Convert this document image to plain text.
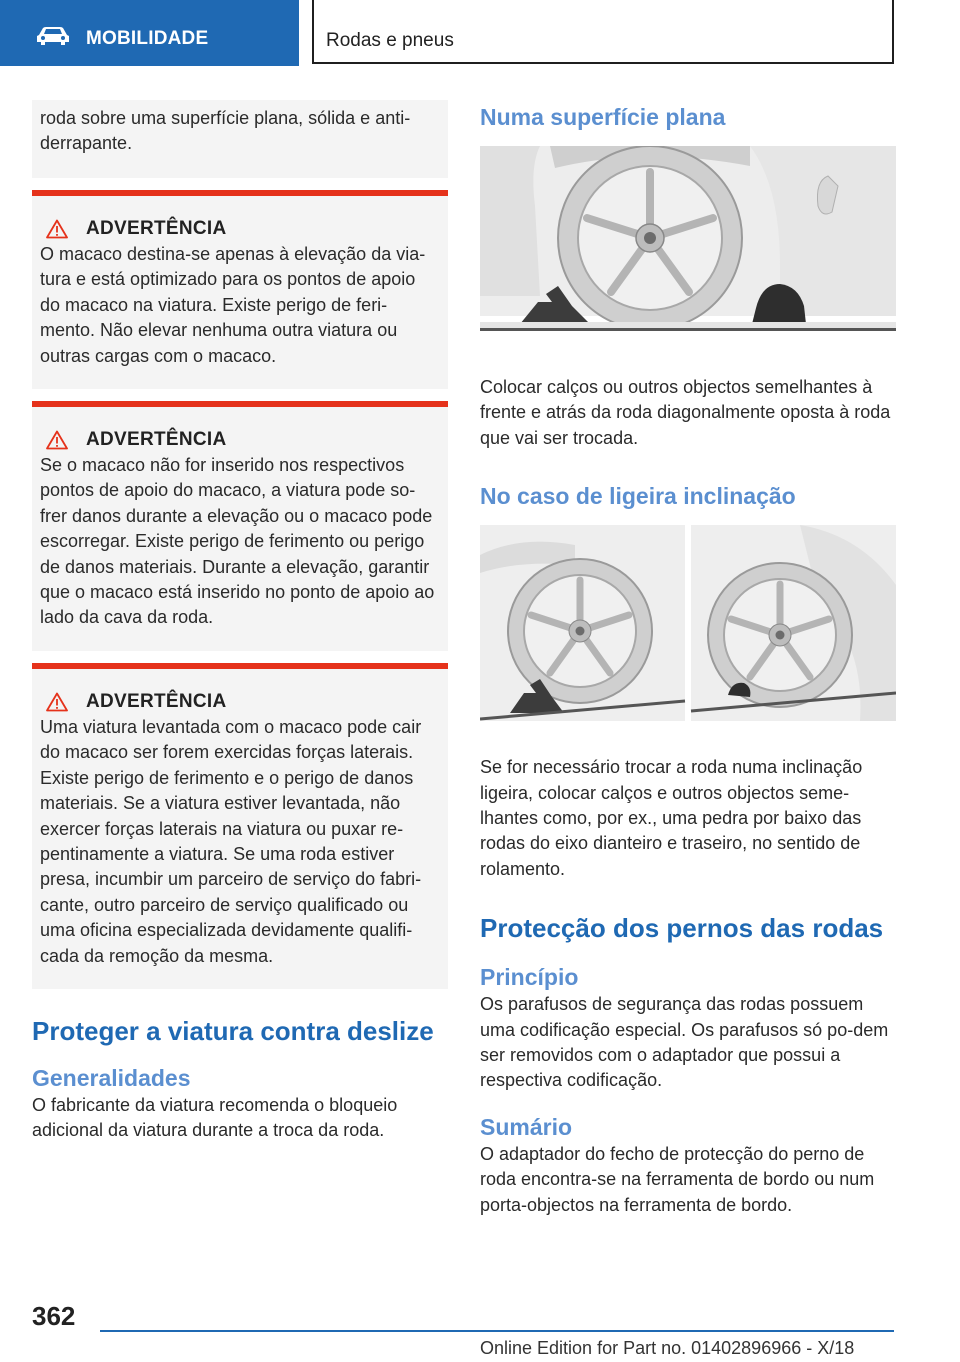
MOBILIDADE	Rodas e pneus
roda sobre uma superfície plana, sólida e anti-derrapante.
ADVERTÊNCIA

O macaco destina-se apenas à elevação da via-tura e está optimizado para os pontos de apoio do macaco na viatura. Existe perigo de feri-mento. Não elevar nenhuma outra viatura ou outras cargas com o macaco.

ADVERTÊNCIA

Se o macaco não for inserido nos respectivos pontos de apoio do macaco, a viatura pode so-frer danos durante a elevação ou o macaco pode escorregar. Existe perigo de ferimento ou perigo de danos materiais. Durante a elevação, garantir que o macaco está inserido no ponto de apoio ao lado da cava da roda.

ADVERTÊNCIA

Uma viatura levantada com o macaco pode cair do macaco ser forem exercidas forças laterais. Existe perigo de ferimento e o perigo de danos materiais. Se a viatura estiver levantada, não exercer forças laterais na viatura ou puxar re-pentinamente a viatura. Se uma roda estiver presa, incumbir um parceiro de serviço do fabri-cante, outro parceiro de serviço qualificado ou uma oficina especializada devidamente qualifi-cada da remoção da mesma.

Proteger a viatura contra deslize
Generalidades

O fabricante da viatura recomenda o bloqueio adicional da viatura durante a troca da roda.

Numa superfície plana

Colocar calços ou outros objectos semelhantes à frente e atrás da roda diagonalmente oposta à roda que vai ser trocada.

No caso de ligeira inclinação

Se for necessário trocar a roda numa inclinação ligeira, colocar calços e outros objectos seme-lhantes como, por ex., uma pedra por baixo das rodas do eixo dianteiro e traseiro, no sentido de rolamento.

Protecção dos pernos das rodas
Princípio

Os parafusos de segurança das rodas possuem uma codificação especial. Os parafusos só po-dem ser removidos com o adaptador que possui a respectiva codificação.

Sumário

O adaptador do fecho de protecção do perno de roda encontra-se na ferramenta de bordo ou num porta-objectos na ferramenta de bordo.

362
Online Edition for Part no. 01402896966 - X/18
